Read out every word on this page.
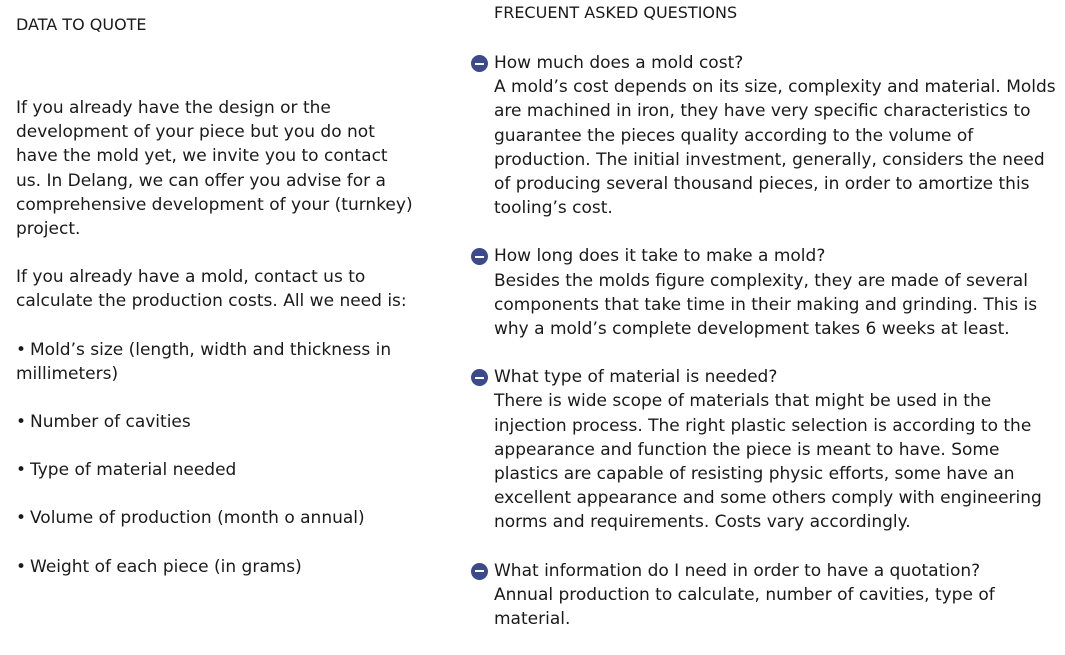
DATA TO QUOTE

If you already have the design or the development of your piece but you do not have the mold yet, we invite you to contact us. In Delang, we can offer you advise for a comprehensive development of your (turnkey) project.

If you already have a mold, contact us to calculate the production costs. All we need is:

• Mold’s size (length, width and thickness in millimeters)
• Number of cavities
• Type of material needed
• Volume of production (month o annual)
• Weight of each piece (in grams)
FRECUENT ASKED QUESTIONS

How much does a mold cost?

A mold’s cost depends on its size, complexity and material. Molds are machined in iron, they have very specific characteristics to guarantee the pieces quality according to the volume of production. The initial investment, generally, considers the need of producing several thousand pieces, in order to amortize this tooling’s cost.

How long does it take to make a mold?

Besides the molds figure complexity, they are made of several components that take time in their making and grinding. This is why a mold’s complete development takes 6 weeks at least.

What type of material is needed?

There is wide scope of materials that might be used in the injection process. The right plastic selection is according to the appearance and function the piece is meant to have. Some plastics are capable of resisting physic efforts, some have an excellent appearance and some others comply with engineering norms and requirements. Costs vary accordingly.

What information do I need in order to have a quotation?

Annual production to calculate, number of cavities, type of material.
